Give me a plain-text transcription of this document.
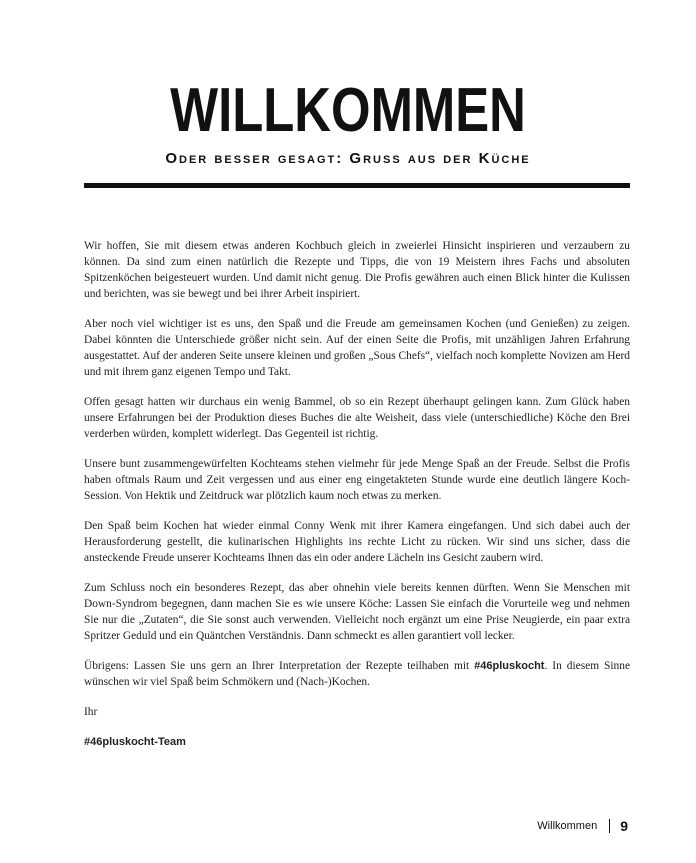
WILLKOMMEN
Oder besser gesagt: Gruss aus der Küche

Wir hoffen, Sie mit diesem etwas anderen Kochbuch gleich in zweierlei Hinsicht inspirieren und verzaubern zu können. Da sind zum einen natürlich die Rezepte und Tipps, die von 19 Meistern ihres Fachs und absoluten Spitzenköchen beigesteuert wurden. Und damit nicht genug. Die Profis gewähren auch einen Blick hinter die Kulissen und berichten, was sie bewegt und bei ihrer Arbeit inspiriert.

Aber noch viel wichtiger ist es uns, den Spaß und die Freude am gemeinsamen Kochen (und Genießen) zu zeigen. Dabei könnten die Unterschiede größer nicht sein. Auf der einen Seite die Profis, mit unzähligen Jahren Erfahrung ausgestattet. Auf der anderen Seite unsere kleinen und großen „Sous Chefs“, vielfach noch komplette Novizen am Herd und mit ihrem ganz eigenen Tempo und Takt.

Offen gesagt hatten wir durchaus ein wenig Bammel, ob so ein Rezept überhaupt gelingen kann. Zum Glück haben unsere Erfahrungen bei der Produktion dieses Buches die alte Weisheit, dass viele (unterschiedliche) Köche den Brei verderben würden, komplett widerlegt. Das Gegenteil ist richtig.

Unsere bunt zusammengewürfelten Kochteams stehen vielmehr für jede Menge Spaß an der Freude. Selbst die Profis haben oftmals Raum und Zeit vergessen und aus einer eng eingetakteten Stunde wurde eine deutlich längere Koch-Session. Von Hektik und Zeitdruck war plötzlich kaum noch etwas zu merken.

Den Spaß beim Kochen hat wieder einmal Conny Wenk mit ihrer Kamera eingefangen. Und sich dabei auch der Herausforderung gestellt, die kulinarischen Highlights ins rechte Licht zu rücken. Wir sind uns sicher, dass die ansteckende Freude unserer Kochteams Ihnen das ein oder andere Lächeln ins Gesicht zaubern wird.

Zum Schluss noch ein besonderes Rezept, das aber ohnehin viele bereits kennen dürften. Wenn Sie Menschen mit Down-Syndrom begegnen, dann machen Sie es wie unsere Köche: Lassen Sie einfach die Vorurteile weg und nehmen Sie nur die „Zutaten“, die Sie sonst auch verwenden. Vielleicht noch ergänzt um eine Prise Neugierde, ein paar extra Spritzer Geduld und ein Quäntchen Verständnis. Dann schmeckt es allen garantiert voll lecker.

Übrigens: Lassen Sie uns gern an Ihrer Interpretation der Rezepte teilhaben mit #46pluskocht. In diesem Sinne wünschen wir viel Spaß beim Schmökern und (Nach-)Kochen.

Ihr

#46pluskocht-Team

Willkommen 9
